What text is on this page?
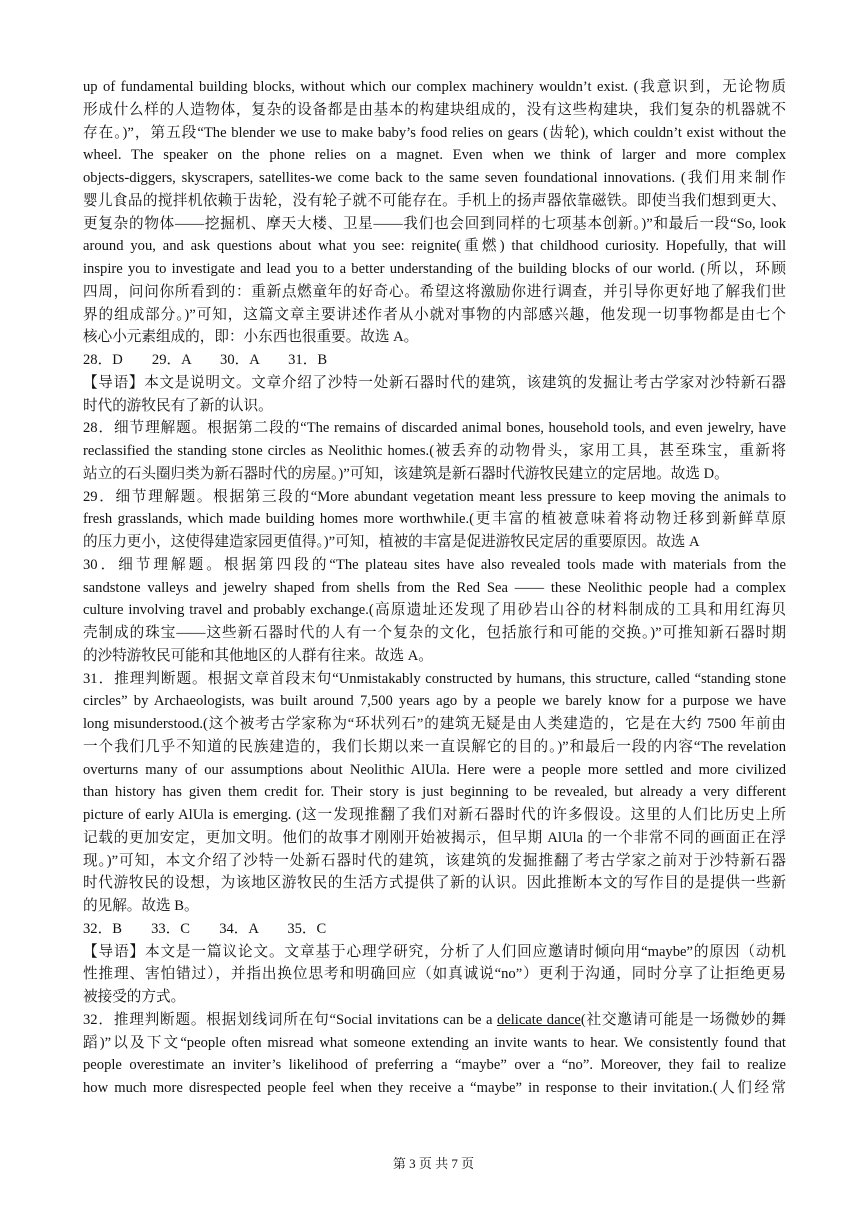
up of fundamental building blocks, without which our complex machinery wouldn’t exist. (我意识到，无论物质
形成什么样的人造物体，复杂的设备都是由基本的构建块组成的，没有这些构建块，我们复杂的机器就不
存在。)”，第五段“The blender we use to make baby’s food relies on gears (齿轮), which couldn’t exist without the
wheel. The speaker on the phone relies on a magnet. Even when we think of larger and more complex
objects-diggers, skyscrapers, satellites-we come back to the same seven foundational innovations. (我们用来制作
婴儿食品的搅拌机依赖于齿轮，没有轮子就不可能存在。手机上的扬声器依靠磁铁。即使当我们想到更大、
更复杂的物体——挖掘机、摩天大楼、卫星——我们也会回到同样的七项基本创新。)”和最后一段“So, look
around you, and ask questions about what you see: reignite(重燃) that childhood curiosity. Hopefully, that will
inspire you to investigate and lead you to a better understanding of the building blocks of our world. (所以，环顾
四周，问问你所看到的：重新点燃童年的好奇心。希望这将激励你进行调查，并引导你更好地了解我们世
界的组成部分。)”可知，这篇文章主要讲述作者从小就对事物的内部感兴趣，他发现一切事物都是由七个
核心小元素组成的，即：小东西也很重要。故选 A。
28．D　　29．A　　30．A　　31．B
【导语】本文是说明文。文章介绍了沙特一处新石器时代的建筑，该建筑的发掘让考古学家对沙特新石器
时代的游牧民有了新的认识。
28．细节理解题。根据第二段的“The remains of discarded animal bones, household tools, and even jewelry, have
reclassified the standing stone circles as Neolithic homes.(被丢弃的动物骨头，家用工具，甚至珠宝，重新将
站立的石头圈归类为新石器时代的房屋。)”可知，该建筑是新石器时代游牧民建立的定居地。故选 D。
29．细节理解题。根据第三段的“More abundant vegetation meant less pressure to keep moving the animals to
fresh grasslands, which made building homes more worthwhile.(更丰富的植被意味着将动物迁移到新鲜草原
的压力更小，这使得建造家园更值得。)”可知，植被的丰富是促进游牧民定居的重要原因。故选 A
30．细节理解题。根据第四段的“The plateau sites have also revealed tools made with materials from the
sandstone valleys and jewelry shaped from shells from the Red Sea —— these Neolithic people had a complex
culture involving travel and probably exchange.(高原遗址还发现了用砂岩山谷的材料制成的工具和用红海贝
壳制成的珠宝——这些新石器时代的人有一个复杂的文化，包括旅行和可能的交换。)”可推知新石器时期
的沙特游牧民可能和其他地区的人群有往来。故选 A。
31．推理判断题。根据文章首段末句“Unmistakably constructed by humans, this structure, called “standing stone
circles” by Archaeologists, was built around 7,500 years ago by a people we barely know for a purpose we have
long misunderstood.(这个被考古学家称为“环状列石”的建筑无疑是由人类建造的，它是在大约 7500 年前由
一个我们几乎不知道的民族建造的，我们长期以来一直误解它的目的。)”和最后一段的内容“The revelation
overturns many of our assumptions about Neolithic AlUla. Here were a people more settled and more civilized
than history has given them credit for. Their story is just beginning to be revealed, but already a very different
picture of early AlUla is emerging. (这一发现推翻了我们对新石器时代的许多假设。这里的人们比历史上所
记载的更加安定，更加文明。他们的故事才刚刚开始被揭示，但早期 AlUla 的一个非常不同的画面正在浮
现。)”可知，本文介绍了沙特一处新石器时代的建筑，该建筑的发掘推翻了考古学家之前对于沙特新石器
时代游牧民的设想，为该地区游牧民的生活方式提供了新的认识。因此推断本文的写作目的是提供一些新
的见解。故选 B。
32．B　　33．C　　34．A　　35．C
【导语】本文是一篇议论文。文章基于心理学研究，分析了人们回应邀请时倾向用“maybe”的原因（动机
性推理、害怕错过），并指出换位思考和明确回应（如真诚说“no”）更利于沟通，同时分享了让拒绝更易
被接受的方式。
32．推理判断题。根据划线词所在句“Social invitations can be a delicate dance(社交邀请可能是一场微妙的舞
蹈)”以及下文“people often misread what someone extending an invite wants to hear. We consistently found that
people overestimate an inviter’s likelihood of preferring a “maybe” over a “no”. Moreover, they fail to realize
how much more disrespected people feel when they receive a “maybe” in response to their invitation.(人们经常
第 3 页 共 7 页
